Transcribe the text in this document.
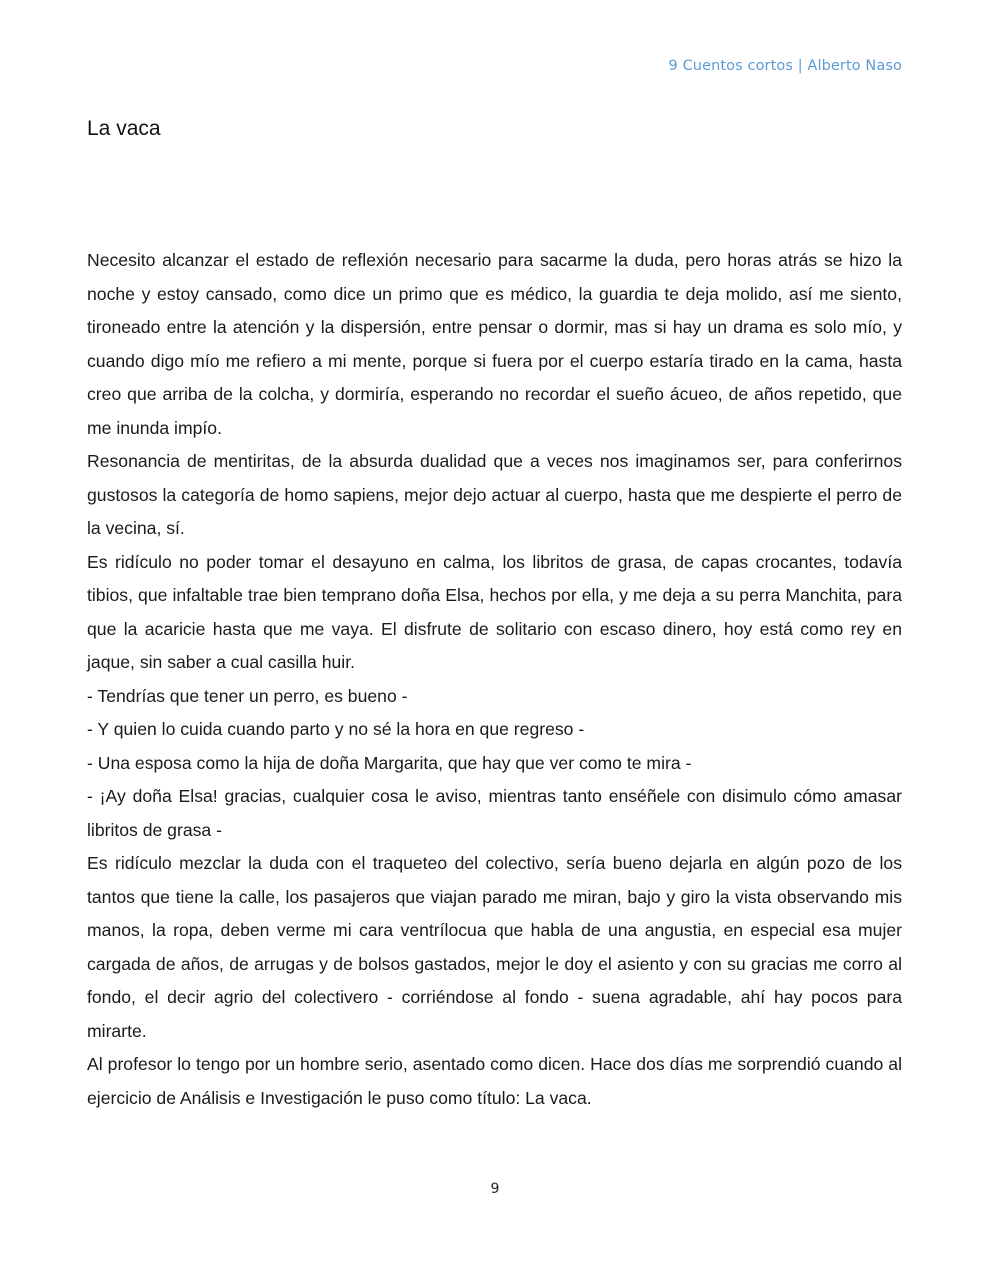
9 Cuentos cortos | Alberto Naso
La vaca

Necesito alcanzar el estado de reflexión necesario para sacarme la duda, pero horas atrás se hizo la noche y estoy cansado, como dice un primo que es médico, la guardia te deja molido, así me siento, tironeado entre la atención y la dispersión, entre pensar o dormir, mas si hay un drama es solo mío, y cuando digo mío me refiero a mi mente, porque si fuera por el cuerpo estaría tirado en la cama, hasta creo que arriba de la colcha, y dormiría, esperando no recordar el sueño ácueo, de años repetido, que me inunda impío.

Resonancia de mentiritas, de la absurda dualidad que a veces nos imaginamos ser, para conferirnos gustosos la categoría de homo sapiens, mejor dejo actuar al cuerpo, hasta que me despierte el perro de la vecina, sí.

Es ridículo no poder tomar el desayuno en calma, los libritos de grasa, de capas crocantes, todavía tibios, que infaltable trae bien temprano doña Elsa, hechos por ella, y me deja a su perra Manchita, para que la acaricie hasta que me vaya. El disfrute de solitario con escaso dinero, hoy está como rey en jaque, sin saber a cual casilla huir.

- Tendrías que tener un perro, es bueno -

- Y quien lo cuida cuando parto y no sé la hora en que regreso -

- Una esposa como la hija de doña Margarita, que hay que ver como te mira -

- ¡Ay doña Elsa! gracias, cualquier cosa le aviso, mientras tanto enséñele con disimulo cómo amasar libritos de grasa -

Es ridículo mezclar la duda con el traqueteo del colectivo, sería bueno dejarla en algún pozo de los tantos que tiene la calle, los pasajeros que viajan parado me miran, bajo y giro la vista observando mis manos, la ropa, deben verme mi cara ventrílocua que habla de una angustia, en especial esa mujer cargada de años, de arrugas y de bolsos gastados, mejor le doy el asiento y con su gracias me corro al fondo, el decir agrio del colectivero - corriéndose al fondo - suena agradable, ahí hay pocos para mirarte.

Al profesor lo tengo por un hombre serio, asentado como dicen. Hace dos días me sorprendió cuando al ejercicio de Análisis e Investigación le puso como título: La vaca.

9
